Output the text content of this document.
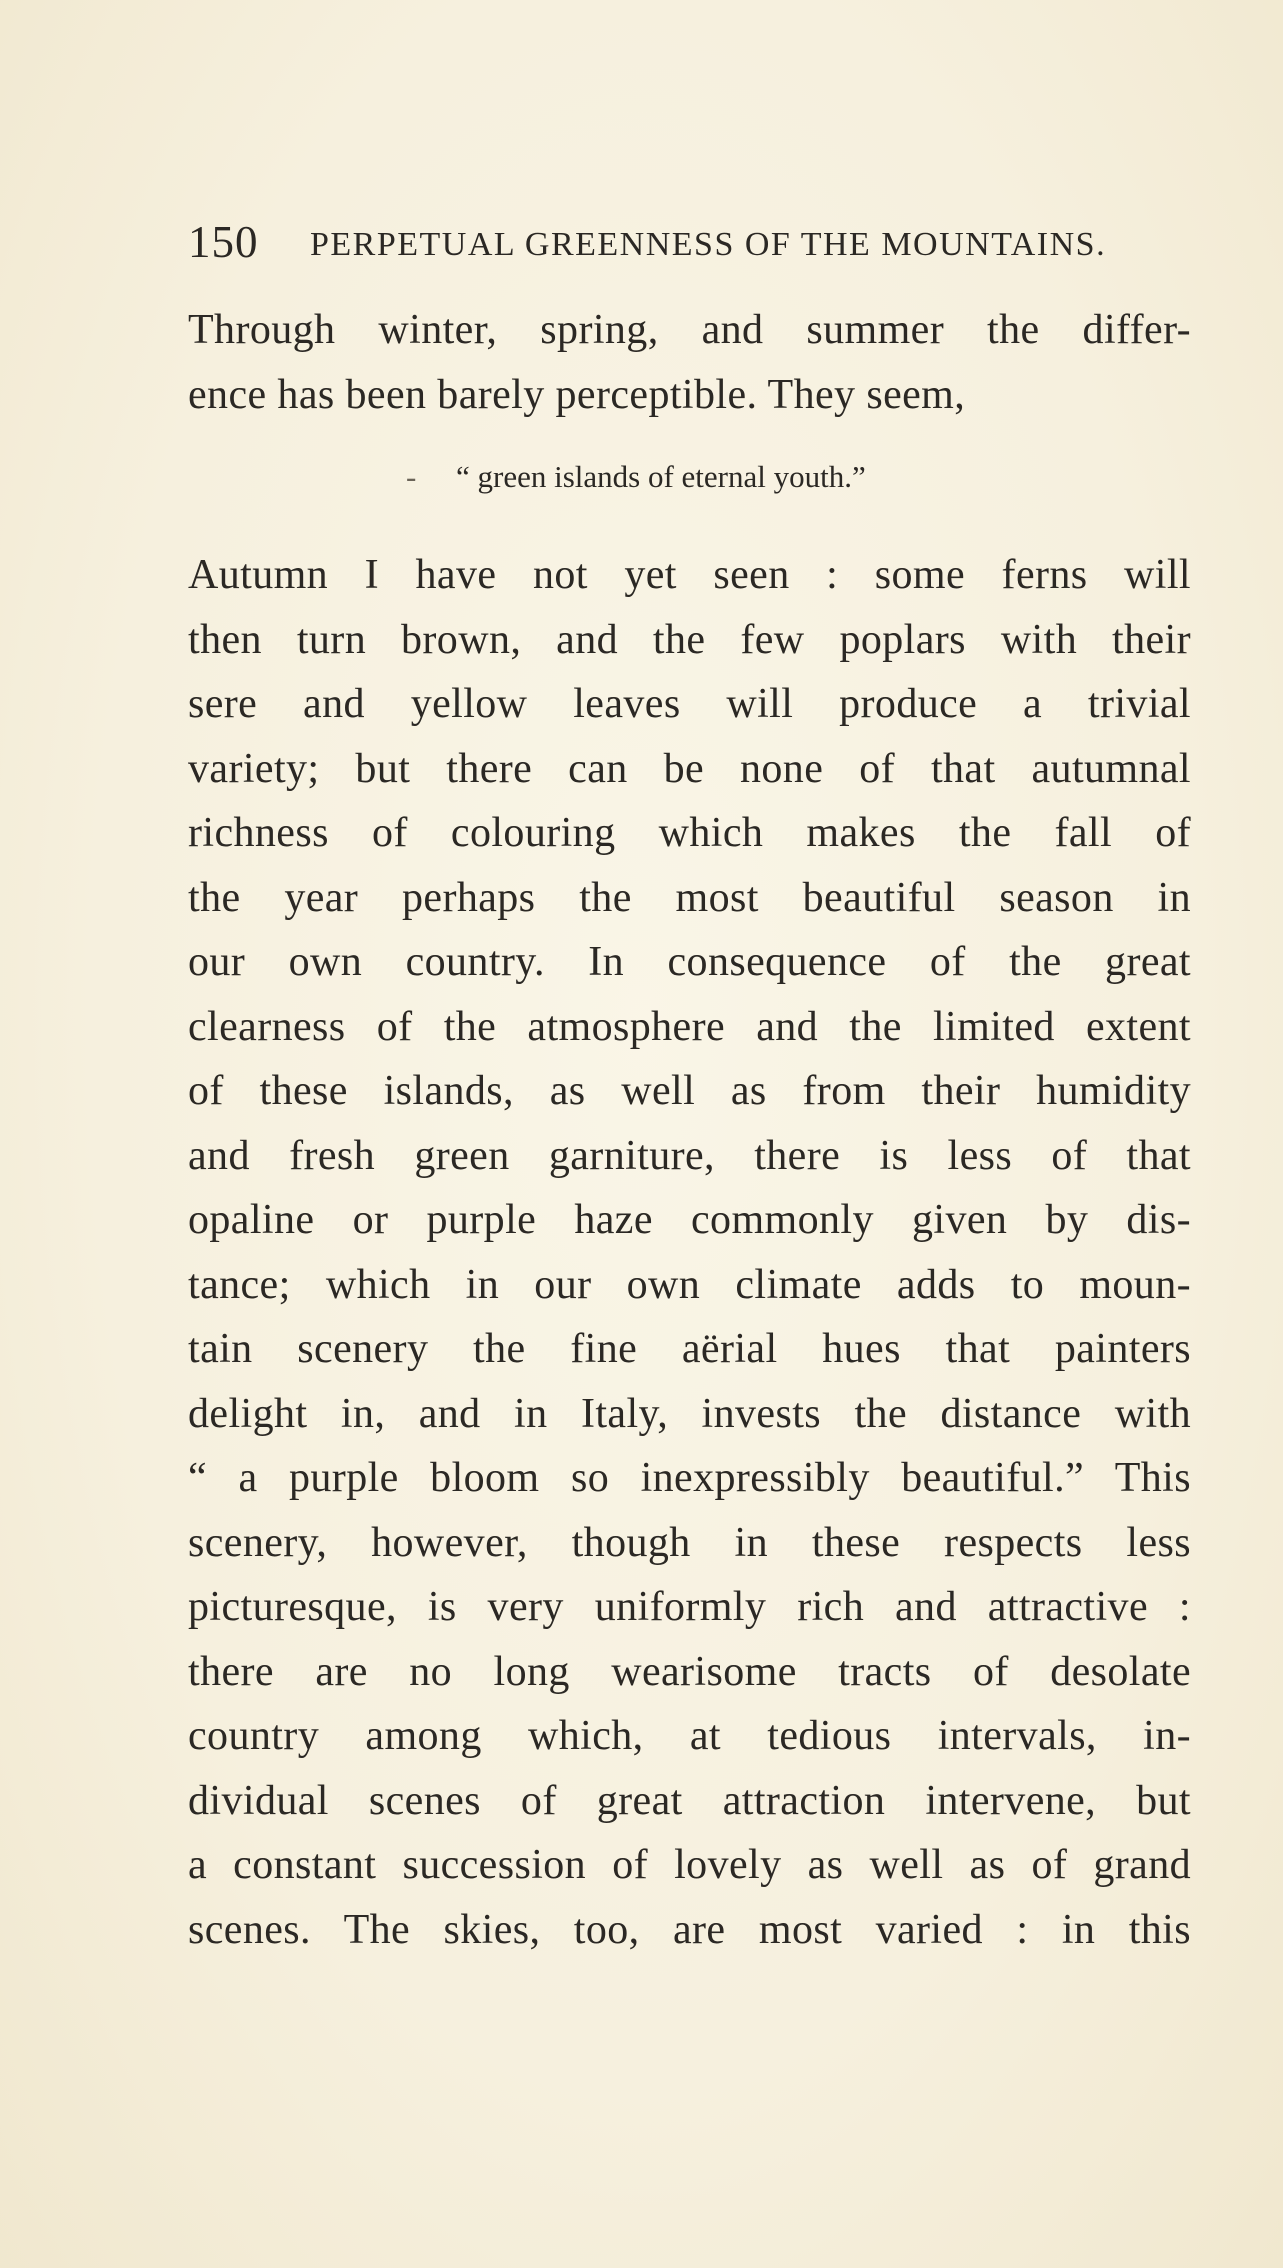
150 PERPETUAL GREENNESS OF THE MOUNTAINS.
Through winter, spring, and summer the differ-
ence has been barely perceptible. They seem,
- “ green islands of eternal youth.”
Autumn I have not yet seen : some ferns will
then turn brown, and the few poplars with their
sere and yellow leaves will produce a trivial
variety; but there can be none of that autumnal
richness of colouring which makes the fall of
the year perhaps the most beautiful season in
our own country. In consequence of the great
clearness of the atmosphere and the limited extent
of these islands, as well as from their humidity
and fresh green garniture, there is less of that
opaline or purple haze commonly given by dis-
tance; which in our own climate adds to moun-
tain scenery the fine aërial hues that painters
delight in, and in Italy, invests the distance with
“ a purple bloom so inexpressibly beautiful.” This
scenery, however, though in these respects less
picturesque, is very uniformly rich and attractive :
there are no long wearisome tracts of desolate
country among which, at tedious intervals, in-
dividual scenes of great attraction intervene, but
a constant succession of lovely as well as of grand
scenes. The skies, too, are most varied : in this
